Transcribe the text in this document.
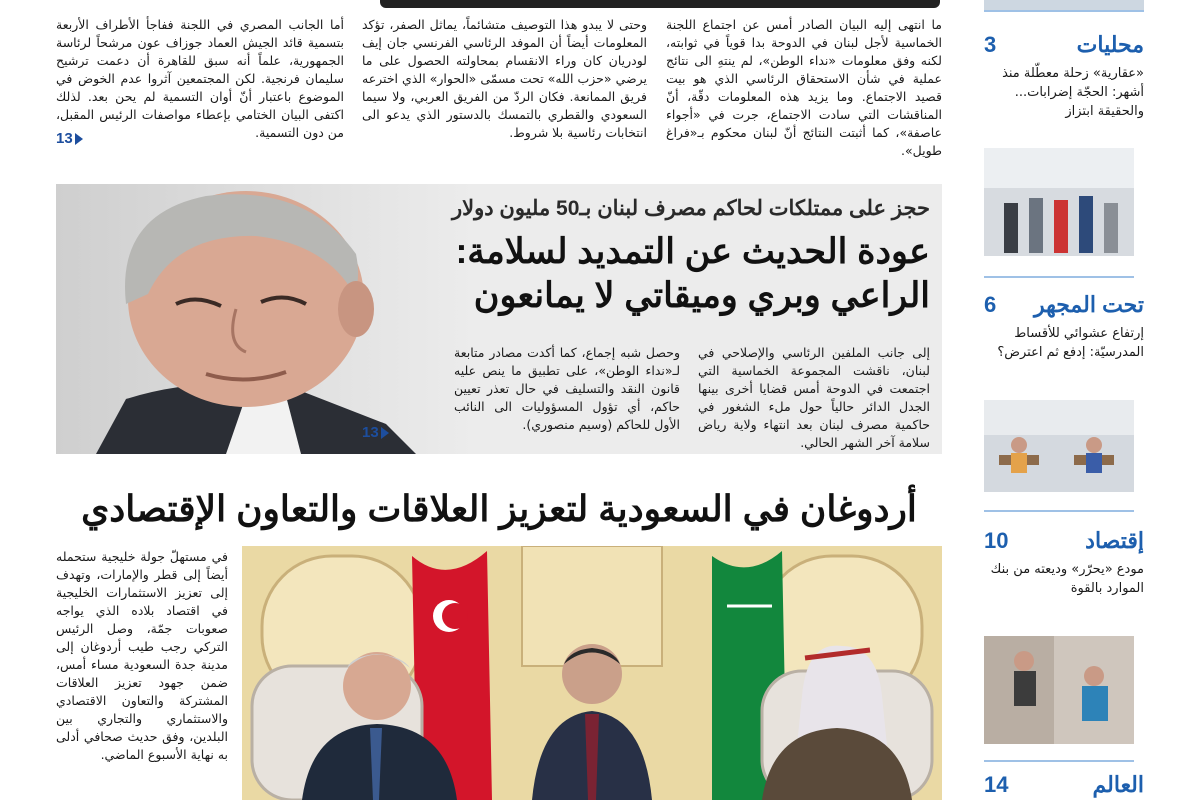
ما انتهى إليه البيان الصادر أمس عن اجتماع اللجنة الخماسية لأجل لبنان في الدوحة بدا قوياً في ثوابته، لكنه وفق معلومات «نداء الوطن»، لم ينتهِ الى نتائج عملية في شأن الاستحقاق الرئاسي الذي هو بيت قصيد الاجتماع. وما يزيد هذه المعلومات دقّة، أنّ المناقشات التي سادت الاجتماع، جرت في «أجواء عاصفة»، كما أثبتت النتائج أنّ لبنان محكوم بـ«فراغ طويل».

وحتى لا يبدو هذا التوصيف متشائماً، يماثل الصفر، تؤكد المعلومات أيضاً أن الموفد الرئاسي الفرنسي جان إيف لودريان كان وراء الانقسام بمحاولته الحصول على ما يرضي «حزب الله» تحت مسمّى «الحوار» الذي اخترعه فريق الممانعة. فكان الردّ من الفريق العربي، ولا سيما السعودي والقطري بالتمسك بالدستور الذي يدعو الى انتخابات رئاسية بلا شروط.

أما الجانب المصري في اللجنة ففاجأ الأطراف الأربعة بتسمية قائد الجيش العماد جوزاف عون مرشحاً لرئاسة الجمهورية، علماً أنه سبق للقاهرة أن دعمت ترشيح سليمان فرنجية. لكن المجتمعين آثروا عدم الخوض في الموضوع باعتبار أنّ أوان التسمية لم يحن بعد. لذلك اكتفى البيان الختامي بإعطاء مواصفات الرئيس المقبل، من دون التسمية.

13
حجز على ممتلكات لحاكم مصرف لبنان بـ50 مليون دولار
عودة الحديث عن التمديد لسلامة:
الراعي وبري وميقاتي لا يمانعون

إلى جانب الملفين الرئاسي والإصلاحي في لبنان، ناقشت المجموعة الخماسية التي اجتمعت في الدوحة أمس قضايا أخرى بينها الجدل الدائر حالياً حول ملء الشغور في حاكمية مصرف لبنان بعد انتهاء ولاية رياض سلامة آخر الشهر الحالي.

وحصل شبه إجماع، كما أكدت مصادر متابعة لـ«نداء الوطن»، على تطبيق ما ينص عليه قانون النقد والتسليف في حال تعذر تعيين حاكم، أي تؤول المسؤوليات الى النائب الأول للحاكم (وسيم منصوري).

13
أردوغان في السعودية لتعزيز العلاقات والتعاون الإقتصادي

في مستهلّ جولة خليجية ستحمله أيضاً إلى قطر والإمارات، وتهدف إلى تعزيز الاستثمارات الخليجية في اقتصاد بلاده الذي يواجه صعوبات جمّة، وصل الرئيس التركي رجب طيب أردوغان إلى مدينة جدة السعودية مساء أمس، ضمن جهود تعزيز العلاقات المشتركة والتعاون الاقتصادي والاستثماري والتجاري بين البلدين، وفق حديث صحافي أدلى به نهاية الأسبوع الماضي.

محليات
3
«عقارية» زحلة معطّلة منذ أشهر: الحجّة إضرابات... والحقيقة ابتزاز
تحت المجهر
6
إرتفاع عشوائي للأقساط المدرسيّة: إدفع ثم اعترض؟
إقتصاد
10
مودع «يحرّر» وديعته من بنك الموارد بالقوة
العالم
14
